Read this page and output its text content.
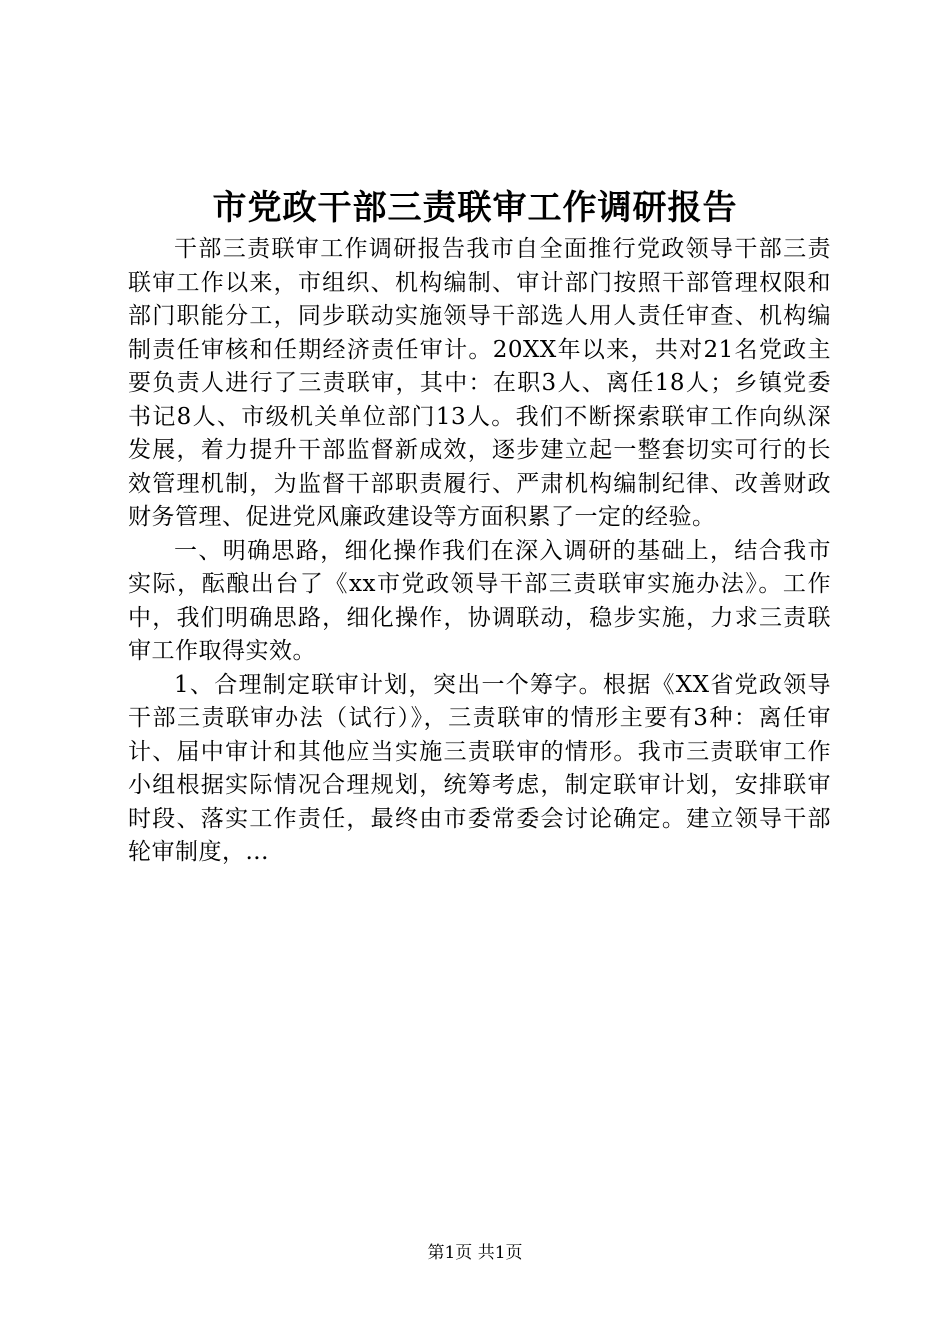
市党政干部三责联审工作调研报告

干部三责联审工作调研报告我市自全面推行党政领导干部三责联审工作以来，市组织、机构编制、审计部门按照干部管理权限和部门职能分工，同步联动实施领导干部选人用人责任审查、机构编制责任审核和任期经济责任审计。20XX年以来，共对21名党政主要负责人进行了三责联审，其中：在职3人、离任18人；乡镇党委书记8人、市级机关单位部门13人。我们不断探索联审工作向纵深发展，着力提升干部监督新成效，逐步建立起一整套切实可行的长效管理机制，为监督干部职责履行、严肃机构编制纪律、改善财政财务管理、促进党风廉政建设等方面积累了一定的经验。

一、明确思路，细化操作我们在深入调研的基础上，结合我市实际，酝酿出台了《xx市党政领导干部三责联审实施办法》。工作中，我们明确思路，细化操作，协调联动，稳步实施，力求三责联审工作取得实效。

1、合理制定联审计划，突出一个筹字。根据《XX省党政领导干部三责联审办法（试行）》，三责联审的情形主要有3种：离任审计、届中审计和其他应当实施三责联审的情形。我市三责联审工作小组根据实际情况合理规划，统筹考虑，制定联审计划，安排联审时段、落实工作责任，最终由市委常委会讨论确定。建立领导干部轮审制度，...

第1页 共1页
